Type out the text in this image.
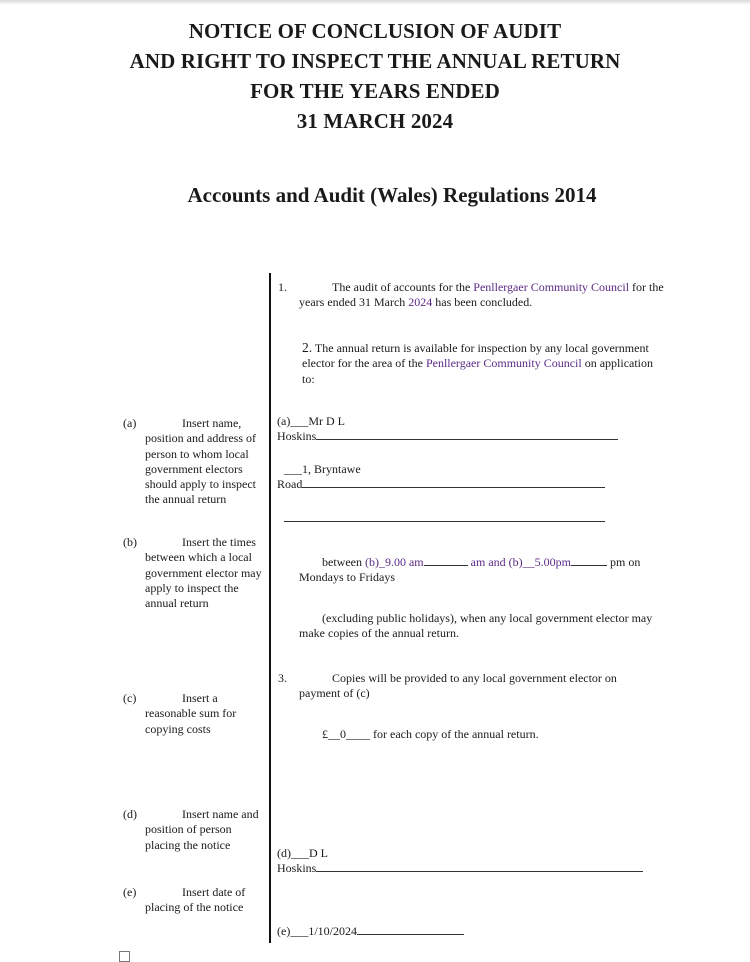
NOTICE OF CONCLUSION OF AUDIT
AND RIGHT TO INSPECT THE ANNUAL RETURN
FOR THE YEARS ENDED
31 MARCH 2024
Accounts and Audit (Wales) Regulations 2014
(a)	Insert name, position and address of person to whom local government electors should apply to inspect the annual return
(b)	Insert the times between which a local government elector may apply to inspect the annual return
(c)	Insert a reasonable sum for copying costs
(d)	Insert name and position of person placing the notice
(e)	Insert date of placing of the notice
1.	The audit of accounts for the Penllergaer Community Council for the years ended 31 March 2024 has been concluded.
2. The annual return is available for inspection by any local government elector for the area of the Penllergaer Community Council on application to:
(a)___Mr D L
Hoskins
___1, Bryntawe
Road
between (b)_9.00 am	am and (b)__5.00pm	pm on
Mondays to Fridays
(excluding public holidays), when any local government elector may make copies of the annual return.
3.	Copies will be provided to any local government elector on payment of (c)
£__0____ for each copy of the annual return.
(d)___D L
Hoskins
(e)___1/10/2024
